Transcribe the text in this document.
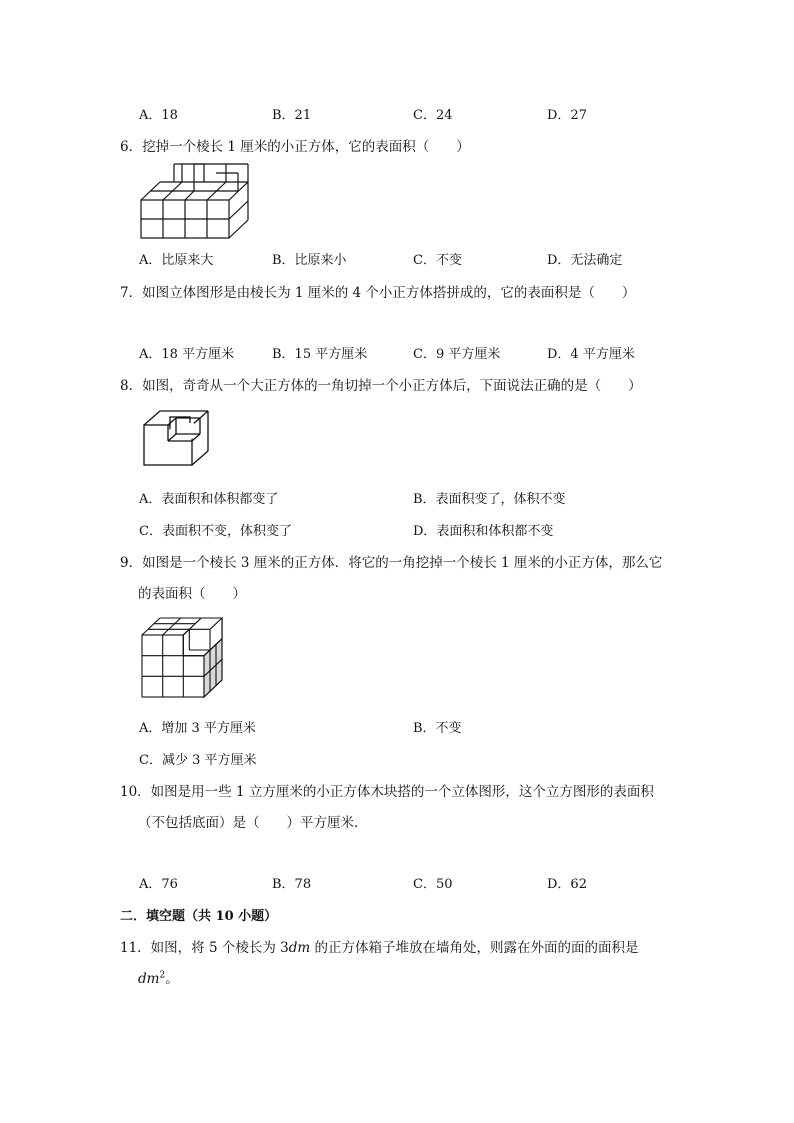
A．18	B．21	C．24	D．27
6．挖掉一个棱长 1 厘米的小正方体，它的表面积（　　）
A．比原来大	B．比原来小	C．不变	D．无法确定
7．如图立体图形是由棱长为 1 厘米的 4 个小正方体搭拼成的，它的表面积是（　　）
A．18 平方厘米	B．15 平方厘米	C．9 平方厘米	D．4 平方厘米
8．如图，奇奇从一个大正方体的一角切掉一个小正方体后，下面说法正确的是（　　）
A．表面积和体积都变了	B．表面积变了，体积不变
C．表面积不变，体积变了	D．表面积和体积都不变
9．如图是一个棱长 3 厘米的正方体．将它的一角挖掉一个棱长 1 厘米的小正方体，那么它
的表面积（　　）
A．增加 3 平方厘米	B．不变
C．减少 3 平方厘米
10．如图是用一些 1 立方厘米的小正方体木块搭的一个立体图形，这个立方图形的表面积
（不包括底面）是（　　）平方厘米．
A．76	B．78	C．50	D．62
二．填空题（共 10 小题）
11．如图，将 5 个棱长为 3dm 的正方体箱子堆放在墙角处，则露在外面的面的面积是
$dm^2$。
